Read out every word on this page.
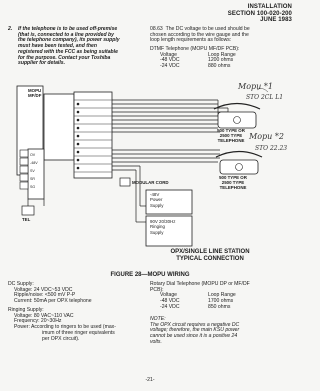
INSTALLATION
SECTION 100-020-200
JUNE 1983
2.	If the telephone is to be used off-premise
(that is, connected to a line provided by
the telephone company), its power supply
must have been tested, and then
registered with the FCC as being suitable
for the purpose. Contact your Toshiba
supplier for details.
08.63 The DC voltage to be used should be
chosen according to the wire gauge and the
loop length requirements as follows:
DTMF Telephone (MOPU MF/DF PCB):
Voltage	Loop Range
-48 VDC	1200 ohms
-24 VDC	880 ohms
MOPU
MF/DF
OV
-48V
SV
SR
SG
500 TYPE OR
2500 TYPE
TELEPHONE
500 TYPE OR
2500 TYPE
TELEPHONE
MODULAR CORD
-48V
Power
Supply
90V 20/30Hz
Ringing
Supply
TEL
Mopu *1
STO 2CL L1
Mopu *2
STO 22.23
OPX/SINGLE LINE STATION
TYPICAL CONNECTION
FIGURE 28—MOPU WIRING
DC Supply:
Voltage: 24 VDC~53 VDC
Ripple/noise: <500 mV P-P
Current: 50mA per OPX telephone
Ringing Supply:
Voltage: 80 VAC~110 VAC
Frequency: 20~30Hz
Power: According to ringers to be used (max-
imum of three ringer equivalents
per OPX circuit).
Rotary Dial Telephone (MOPU DP or MF/DF
PCB):
Voltage	Loop Range
-48 VDC	1700 ohms
-24 VDC	850 ohms
NOTE:
The OPX circuit requires a negative DC
voltage; therefore, the main KSU power
cannot be used since it is a positive 24
volts.
-21-
